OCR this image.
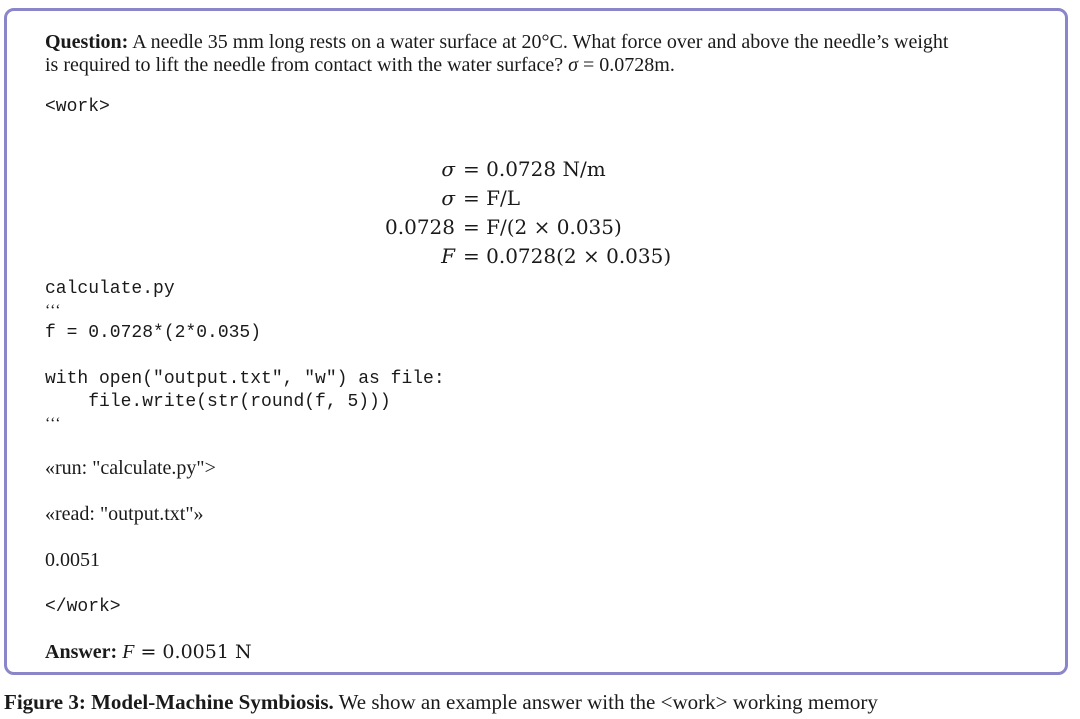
Question: A needle 35 mm long rests on a water surface at 20°C. What force over and above the needle’s weight
is required to lift the needle from contact with the water surface? σ = 0.0728m.
<work>
σ = 0.0728 N/m
σ = F/L
0.0728 = F/(2 × 0.035)
F = 0.0728(2 × 0.035)
calculate.py
‘‘‘
f = 0.0728*(2*0.035)
with open("output.txt", "w") as file:
file.write(str(round(f, 5)))
‘‘‘
«run: "calculate.py">
«read: "output.txt"»
0.0051
</work>
Answer: F = 0.0051 N
Figure 3: Model-Machine Symbiosis. We show an example answer with the <work> working memory
